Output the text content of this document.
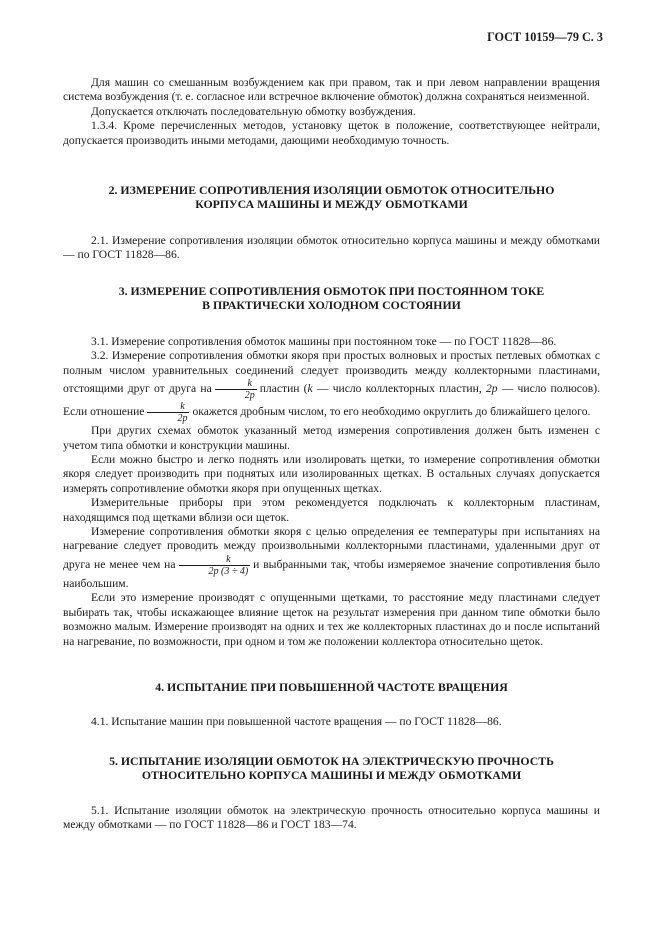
ГОСТ 10159—79 С. 3

Для машин со смешанным возбуждением как при правом, так и при левом направлении вращения система возбуждения (т. е. согласное или встречное включение обмоток) должна сохраняться неизменной.

Допускается отключать последовательную обмотку возбуждения.

1.3.4. Кроме перечисленных методов, установку щеток в положение, соответствующее нейтрали, допускается производить иными методами, дающими необходимую точность.

2. ИЗМЕРЕНИЕ СОПРОТИВЛЕНИЯ ИЗОЛЯЦИИ ОБМОТОК ОТНОСИТЕЛЬНО
КОРПУСА МАШИНЫ И МЕЖДУ ОБМОТКАМИ

2.1. Измерение сопротивления изоляции обмоток относительно корпуса машины и между обмотками — по ГОСТ 11828—86.

3. ИЗМЕРЕНИЕ СОПРОТИВЛЕНИЯ ОБМОТОК ПРИ ПОСТОЯННОМ ТОКЕ
В ПРАКТИЧЕСКИ ХОЛОДНОМ СОСТОЯНИИ

3.1. Измерение сопротивления обмоток машины при постоянном токе — по ГОСТ 11828—86.

3.2. Измерение сопротивления обмотки якоря при простых волновых и простых петлевых обмотках с полным числом уравнительных соединений следует производить между коллекторными пластинами, отстоящими друг от друга на $\frac{k}{2p}$ пластин (k — число коллекторных пластин, 2p — число полюсов). Если отношение $\frac{k}{2p}$ окажется дробным числом, то его необходимо округлить до ближайшего целого.

При других схемах обмоток указанный метод измерения сопротивления должен быть изменен с учетом типа обмотки и конструкции машины.

Если можно быстро и легко поднять или изолировать щетки, то измерение сопротивления обмотки якоря следует производить при поднятых или изолированных щетках. В остальных случаях допускается измерять сопротивление обмотки якоря при опущенных щетках.

Измерительные приборы при этом рекомендуется подключать к коллекторным пластинам, находящимся под щетками вблизи оси щеток.

Измерение сопротивления обмотки якоря с целью определения ее температуры при испытаниях на нагревание следует проводить между произвольными коллекторными пластинами, удаленными друг от друга не менее чем на $\frac{k}{2p (3 \div 4)}$ и выбранными так, чтобы измеряемое значение сопротивления было наибольшим.

Если это измерение производят с опущенными щетками, то расстояние меду пластинами следует выбирать так, чтобы искажающее влияние щеток на результат измерения при данном типе обмотки было возможно малым. Измерение производят на одних и тех же коллекторных пластинах до и после испытаний на нагревание, по возможности, при одном и том же положении коллектора относительно щеток.

4. ИСПЫТАНИЕ ПРИ ПОВЫШЕННОЙ ЧАСТОТЕ ВРАЩЕНИЯ

4.1. Испытание машин при повышенной частоте вращения — по ГОСТ 11828—86.

5. ИСПЫТАНИЕ ИЗОЛЯЦИИ ОБМОТОК НА ЭЛЕКТРИЧЕСКУЮ ПРОЧНОСТЬ
ОТНОСИТЕЛЬНО КОРПУСА МАШИНЫ И МЕЖДУ ОБМОТКАМИ

5.1. Испытание изоляции обмоток на электрическую прочность относительно корпуса машины и между обмотками — по ГОСТ 11828—86 и ГОСТ 183—74.
